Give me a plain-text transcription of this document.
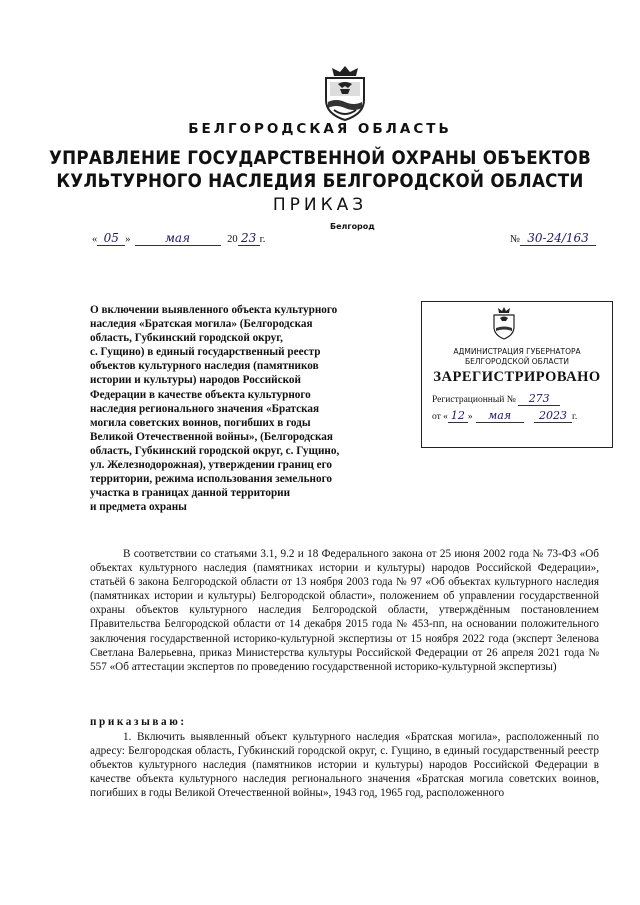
БЕЛГОРОДСКАЯ ОБЛАСТЬ
УПРАВЛЕНИЕ ГОСУДАРСТВЕННОЙ ОХРАНЫ ОБЪЕКТОВ
КУЛЬТУРНОГО НАСЛЕДИЯ БЕЛГОРОДСКОЙ ОБЛАСТИ
ПРИКАЗ
Белгород
« 05 »	мая	20 23 г.	№ 30-24/163
О включении выявленного объекта культурного
наследия «Братская могила» (Белгородская
область, Губкинский городской округ,
с. Гущино) в единый государственный реестр
объектов культурного наследия (памятников
истории и культуры) народов Российской
Федерации в качестве объекта культурного
наследия регионального значения «Братская
могила советских воинов, погибших в годы
Великой Отечественной войны», (Белгородская
область, Губкинский городской округ, с. Гущино,
ул. Железнодорожная), утверждении границ его
территории, режима использования земельного
участка в границах данной территории
и предмета охраны
АДМИНИСТРАЦИЯ ГУБЕРНАТОРА
БЕЛГОРОДСКОЙ ОБЛАСТИ
ЗАРЕГИСТРИРОВАНО
Регистрационный № 273
от « 12 » мая	2023 г.

В соответствии со статьями 3.1, 9.2 и 18 Федерального закона от 25 июня 2002 года № 73-ФЗ «Об объектах культурного наследия (памятниках истории и культуры) народов Российской Федерации», статьёй 6 закона Белгородской области от 13 ноября 2003 года № 97 «Об объектах культурного наследия (памятниках истории и культуры) Белгородской области», положением об управлении государственной охраны объектов культурного наследия Белгородской области, утверждённым постановлением Правительства Белгородской области от 14 декабря 2015 года № 453-пп, на основании положительного заключения государственной историко-культурной экспертизы от 15 ноября 2022 года (эксперт Зеленова Светлана Валерьевна, приказ Министерства культуры Российской Федерации от 26 апреля 2021 года № 557 «Об аттестации экспертов по проведению государственной историко-культурной экспертизы)

приказываю:

1. Включить выявленный объект культурного наследия «Братская могила», расположенный по адресу: Белгородская область, Губкинский городской округ, с. Гущино, в единый государственный реестр объектов культурного наследия (памятников истории и культуры) народов Российской Федерации в качестве объекта культурного наследия регионального значения «Братская могила советских воинов, погибших в годы Великой Отечественной войны», 1943 год, 1965 год, расположенного
